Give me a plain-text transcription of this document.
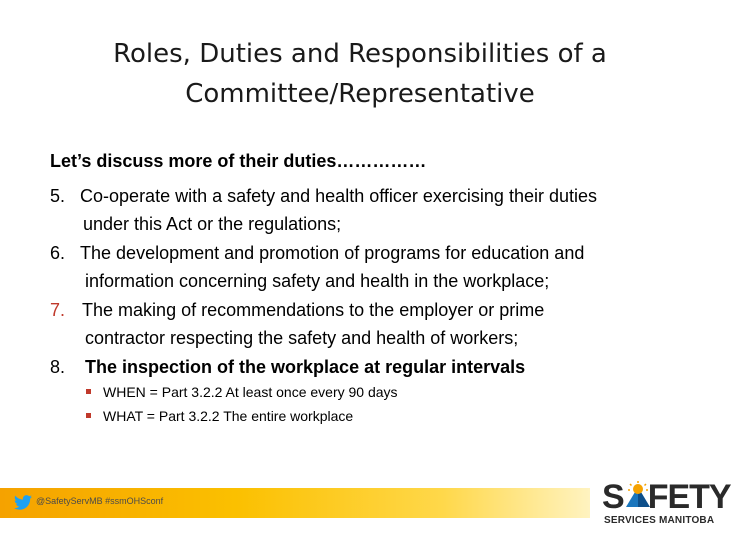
Roles, Duties and Responsibilities of a
Committee/Representative
Let’s discuss more of their duties……………
5. Co-operate with a safety and health officer exercising their duties
under this Act or the regulations;
6. The development and promotion of programs for education and
information concerning safety and health in the workplace;
7. The making of recommendations to the employer or prime
contractor respecting the safety and health of workers;
8. The inspection of the workplace at regular intervals
WHEN = Part 3.2.2 At least once every 90 days
WHAT = Part 3.2.2 The entire workplace
@SafetyServMB #ssmOHSconf	S FETY
SERVICES MANITOBA
